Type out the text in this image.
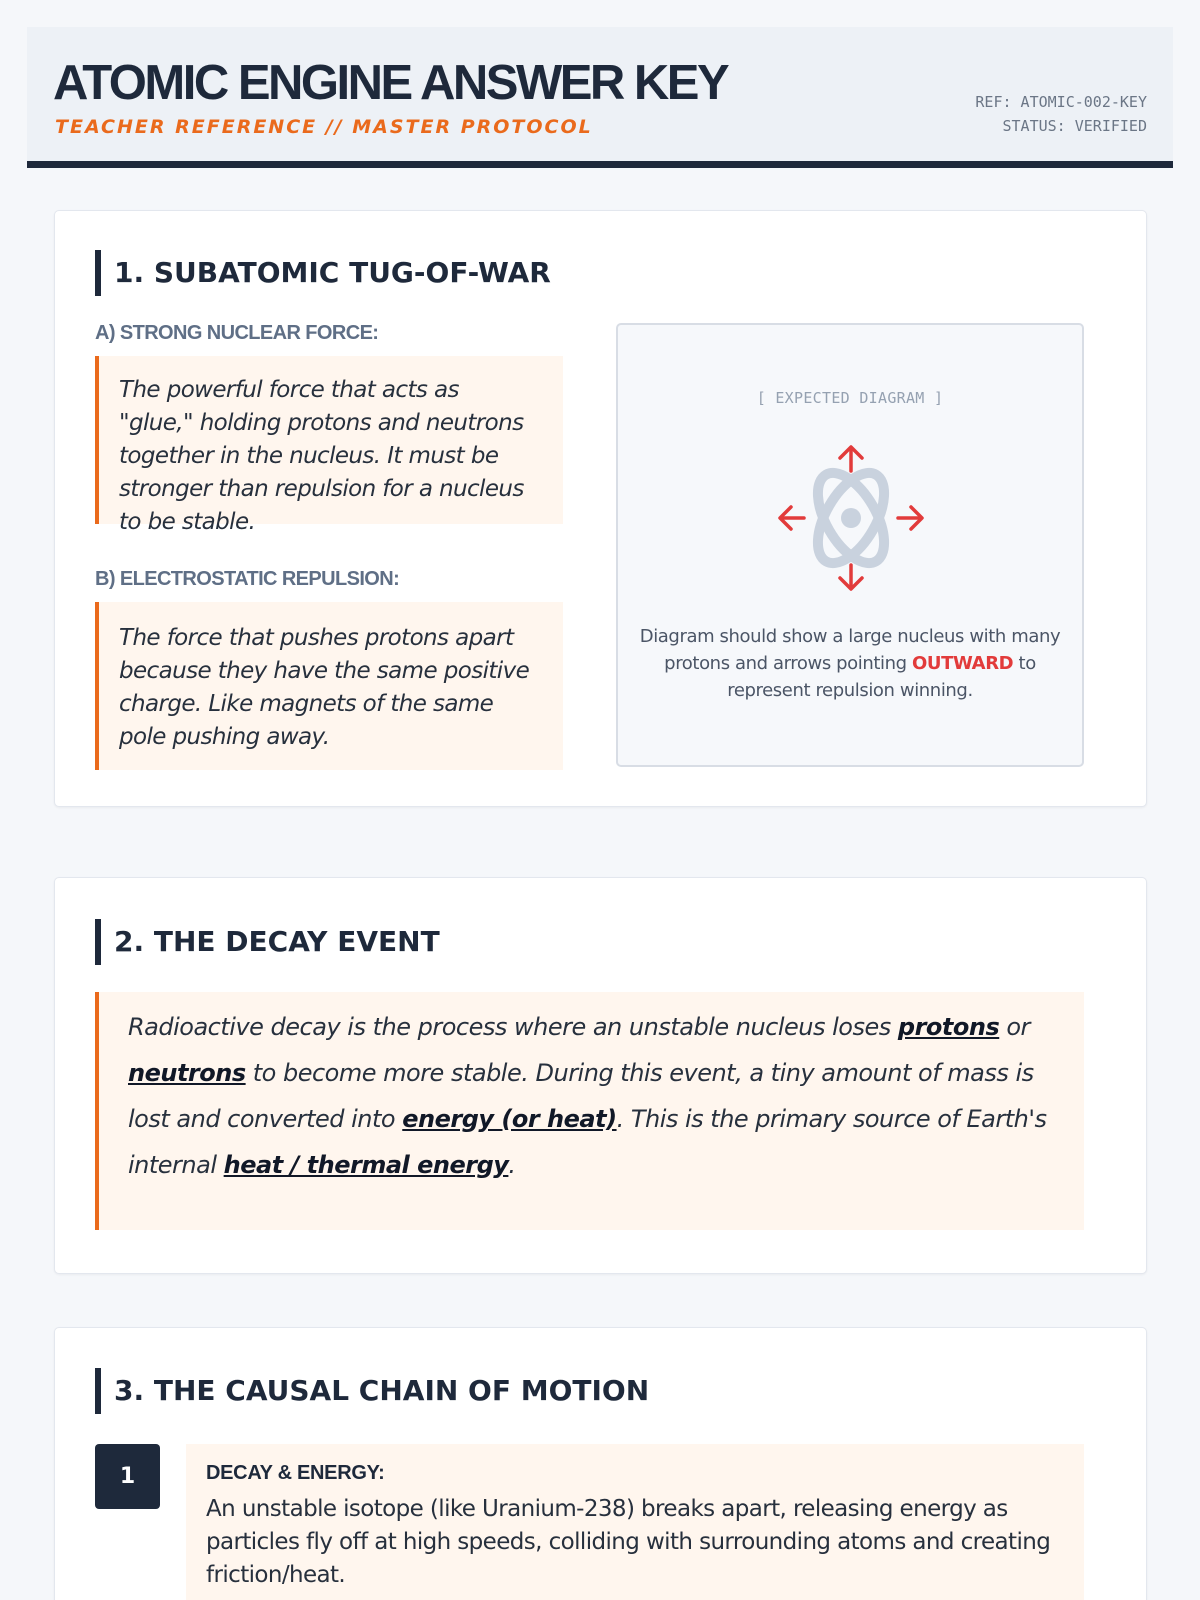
ATOMIC ENGINE ANSWER KEY
TEACHER REFERENCE // MASTER PROTOCOL
REF: ATOMIC-002-KEY
STATUS: VERIFIED
1. SUBATOMIC TUG-OF-WAR
A) STRONG NUCLEAR FORCE:
The powerful force that acts as "glue," holding protons and neutrons together in the nucleus. It must be stronger than repulsion for a nucleus to be stable.
B) ELECTROSTATIC REPULSION:
The force that pushes protons apart because they have the same positive charge. Like magnets of the same pole pushing away.
[ EXPECTED DIAGRAM ]
Diagram should show a large nucleus with many protons and arrows pointing OUTWARD to represent repulsion winning.
2. THE DECAY EVENT
Radioactive decay is the process where an unstable nucleus loses protons or neutrons to become more stable. During this event, a tiny amount of mass is lost and converted into energy (or heat). This is the primary source of Earth's internal heat / thermal energy.
3. THE CAUSAL CHAIN OF MOTION
1	DECAY & ENERGY:
An unstable isotope (like Uranium-238) breaks apart, releasing energy as particles fly off at high speeds, colliding with surrounding atoms and creating friction/heat.
